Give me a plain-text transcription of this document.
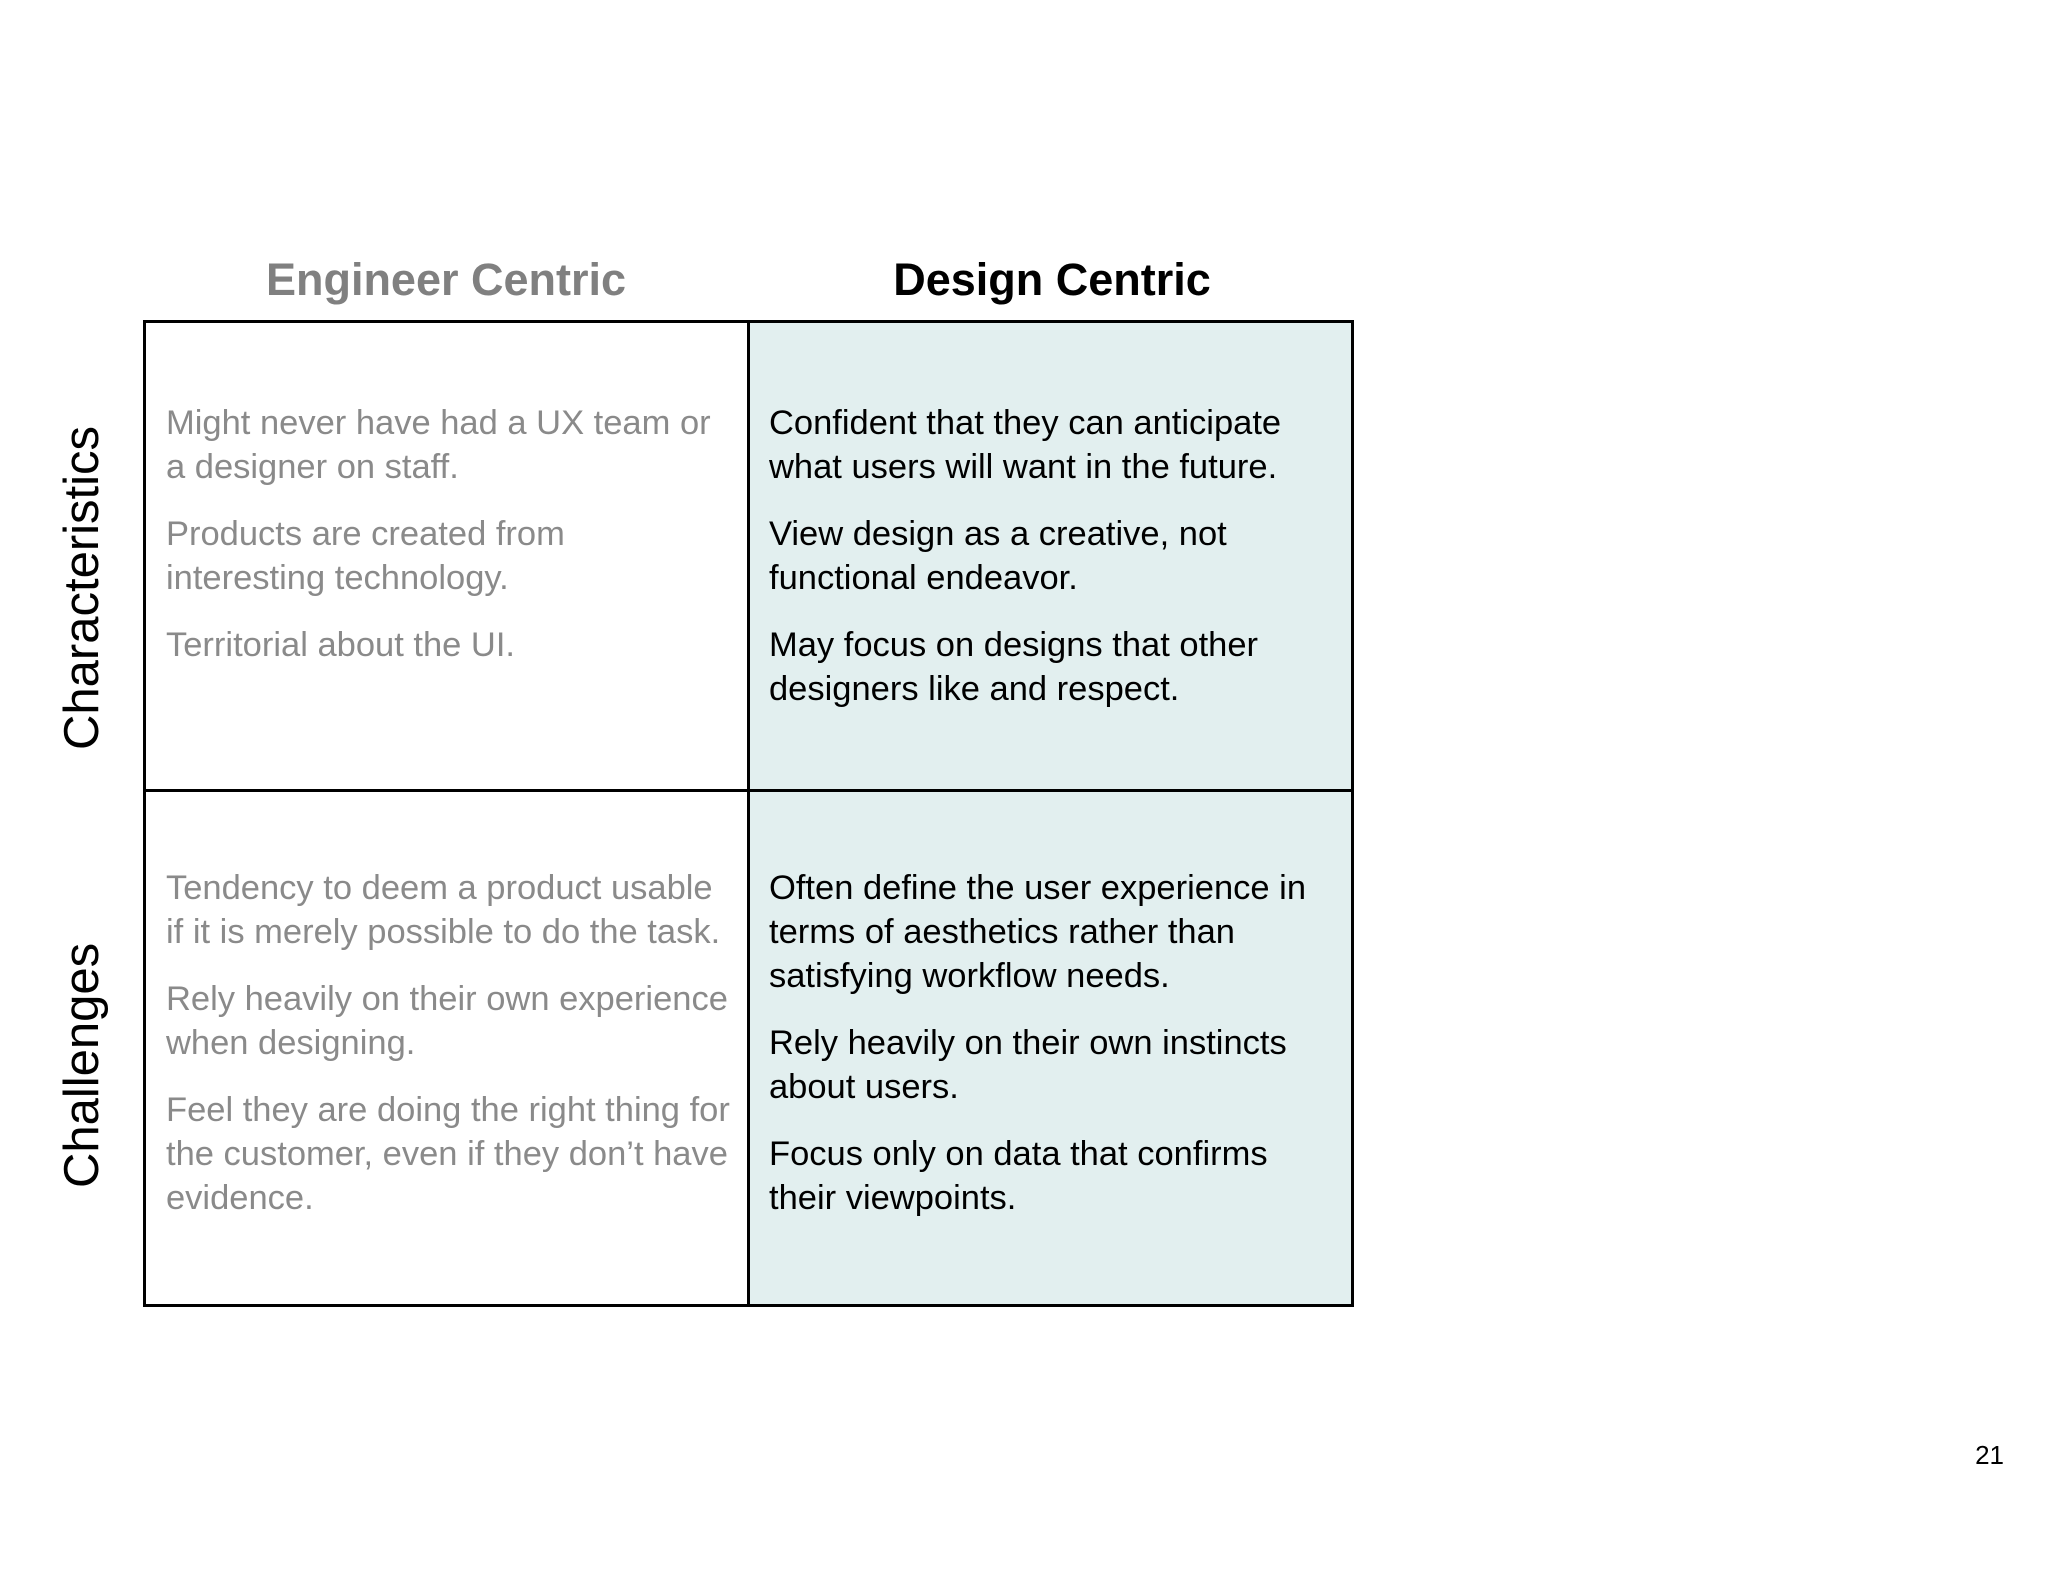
Engineer Centric	Design Centric
Characteristics
Challenges

Might never have had a UX team or a designer on staff.

Products are created from interesting technology.

Territorial about the UI.

Confident that they can anticipate what users will want in the future.

View design as a creative, not functional endeavor.

May focus on designs that other designers like and respect.

Tendency to deem a product usable if it is merely possible to do the task.

Rely heavily on their own experience when designing.

Feel they are doing the right thing for the customer, even if they don’t have evidence.

Often define the user experience in terms of aesthetics rather than satisfying workflow needs.

Rely heavily on their own instincts about users.

Focus only on data that confirms their viewpoints.

21
